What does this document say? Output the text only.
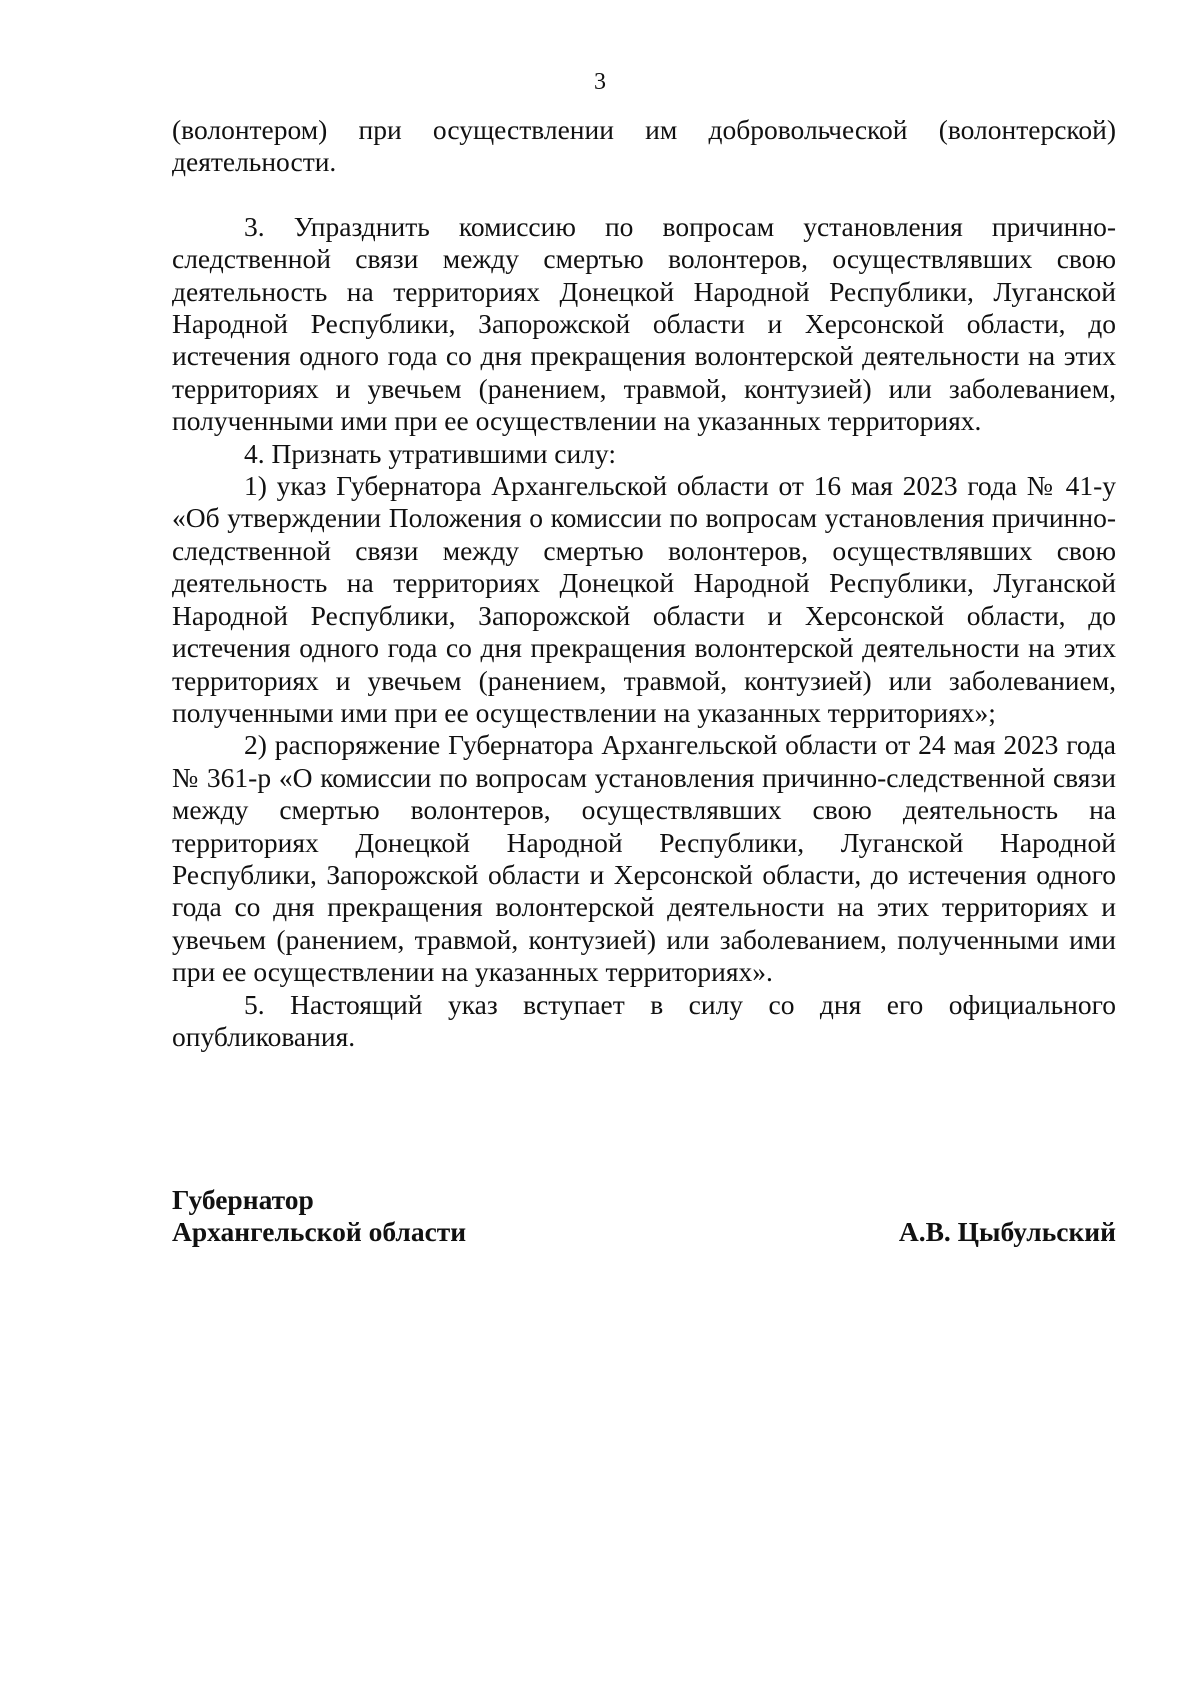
3

(волонтером) при осуществлении им добровольческой (волонтерской) деятельности.

3. Упразднить комиссию по вопросам установления причинно-следственной связи между смертью волонтеров, осуществлявших свою деятельность на территориях Донецкой Народной Республики, Луганской Народной Республики, Запорожской области и Херсонской области, до истечения одного года со дня прекращения волонтерской деятельности на этих территориях и увечьем (ранением, травмой, контузией) или заболеванием, полученными ими при ее осуществлении на указанных территориях.

4. Признать утратившими силу:

1) указ Губернатора Архангельской области от 16 мая 2023 года № 41-у «Об утверждении Положения о комиссии по вопросам установления причинно-следственной связи между смертью волонтеров, осуществлявших свою деятельность на территориях Донецкой Народной Республики, Луганской Народной Республики, Запорожской области и Херсонской области, до истечения одного года со дня прекращения волонтерской деятельности на этих территориях и увечьем (ранением, травмой, контузией) или заболеванием, полученными ими при ее осуществлении на указанных территориях»;

2) распоряжение Губернатора Архангельской области от 24 мая 2023 года № 361-р «О комиссии по вопросам установления причинно-следственной связи между смертью волонтеров, осуществлявших свою деятельность на территориях Донецкой Народной Республики, Луганской Народной Республики, Запорожской области и Херсонской области, до истечения одного года со дня прекращения волонтерской деятельности на этих территориях и увечьем (ранением, травмой, контузией) или заболеванием, полученными ими при ее осуществлении на указанных территориях».

5. Настоящий указ вступает в силу со дня его официального опубликования.

Губернатор
Архангельской области	А.В. Цыбульский
